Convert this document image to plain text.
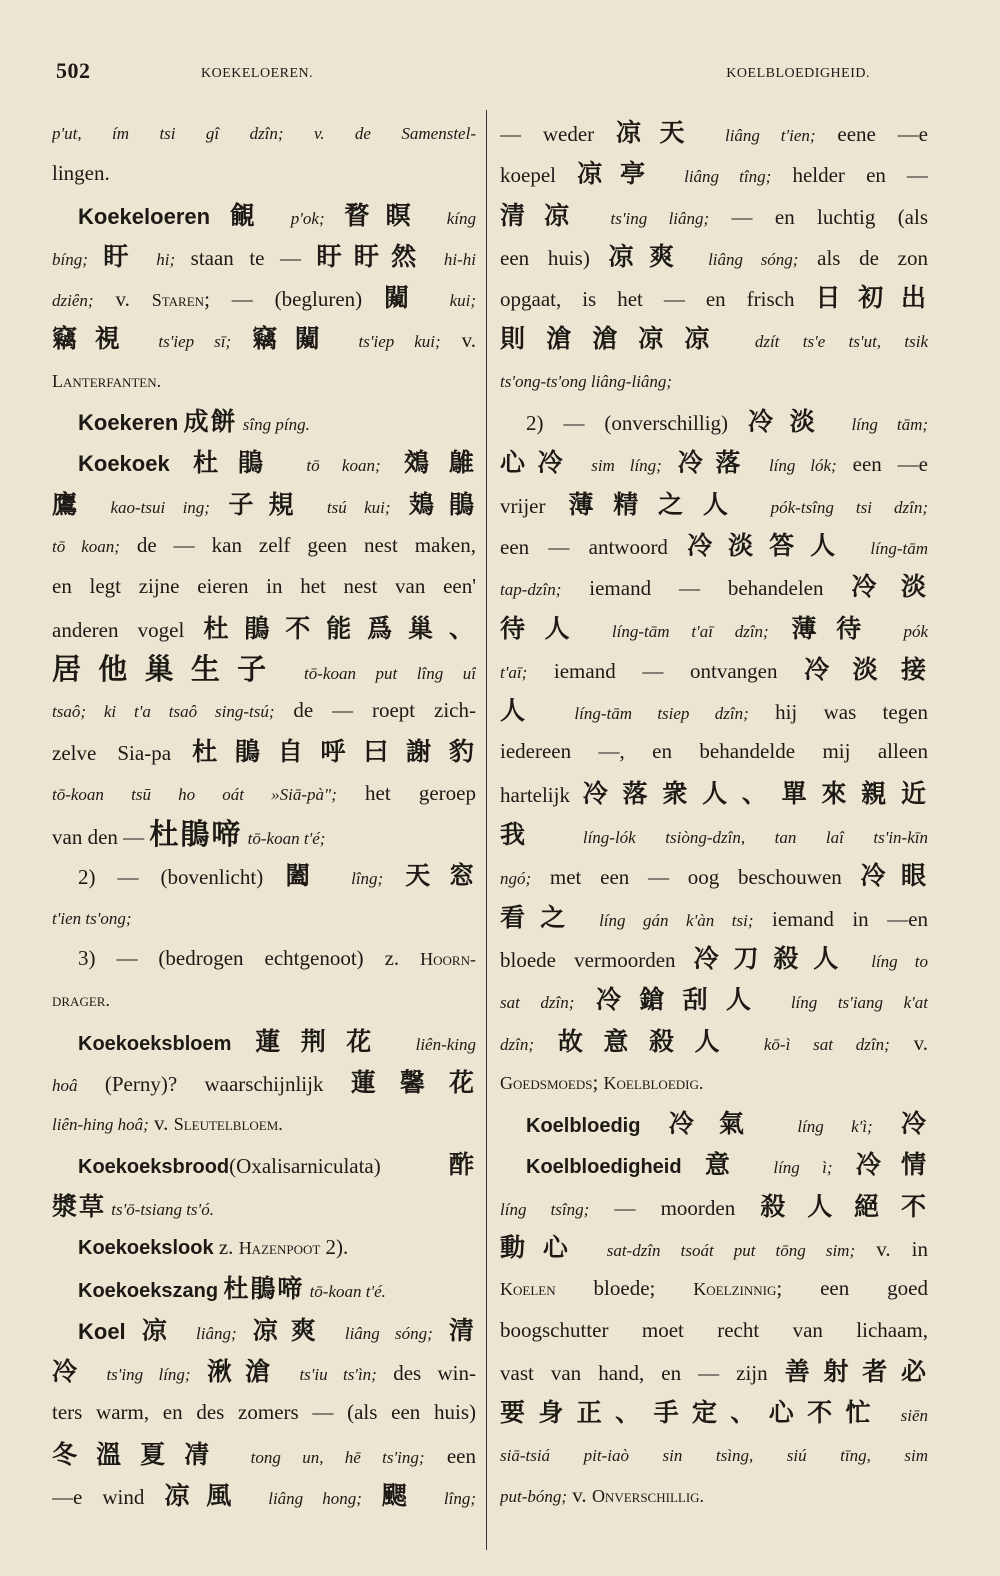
502	KOEKELOEREN.	KOELBLOEDIGHEID.
p'ut, ím tsi gî dzîn; v. de Samenstel-
lingen.
Koekeloeren 覦 p'ok; 瞀瞑 kíng
bíng; 盱 hi; staan te — 盱盱然 hi-hi
dziên; v. Staren; — (begluren) 闚 kui;
竊視 ts'iep sī; 竊闚 ts'iep kui; v.
Lanterfanten.
Koekeren 成餅 sîng píng.
Koekoek 杜鵑 tō koan; 鵁鵻
鷹 kao-tsui ing; 子規 tsú kui; 鳷鵑
tō koan; de — kan zelf geen nest maken,
en legt zijne eieren in het nest van een'
anderen vogel 杜鵑不能爲巢、
居他巢生子 tō-koan put lîng uî
tsaô; ki t'a tsaô sing-tsú; de — roept zich-
zelve Sia-pa 杜鵑自呼曰謝豹
tō-koan tsū ho oát »Siā-pà"; het geroep
van den — 杜鵑啼 tō-koan t'é;
2) — (bovenlicht) 闔 lîng; 天窓
t'ien ts'ong;
3) — (bedrogen echtgenoot) z. Hoorn-
drager.
Koekoeksbloem 蓮荆花 liên-king
hoâ (Perny)? waarschijnlijk 蓮馨花
liên-hing hoâ; v. Sleutelbloem.
Koekoeksbrood(Oxalisarniculata)酢
漿草 ts'ō-tsiang ts'ó.
Koekoekslook z. Hazenpoot 2).
Koekoekszang 杜鵑啼 tō-koan t'é.
Koel 凉 liâng; 凉爽 liâng sóng; 清
冷 ts'ing líng; 湫滄 ts'iu ts'ìn; des win-
ters warm, en des zomers — (als een huis)
冬溫夏凊 tong un, hē ts'ing; een
—e wind 凉風 liâng hong; 颸 lîng;
— weder 凉天 liâng t'ien; eene —e
koepel 凉亭 liâng tîng; helder en —
清凉 ts'ing liâng; — en luchtig (als
een huis) 凉爽 liâng sóng; als de zon
opgaat, is het — en frisch 日初出
則滄滄凉凉 dzít ts'e ts'ut, tsik
ts'ong-ts'ong liâng-liâng;
2) — (onverschillig) 冷淡 líng tām;
心冷 sim líng; 冷落 líng lók; een —e
vrijer 薄精之人 pók-tsîng tsi dzîn;
een — antwoord 冷淡答人 líng-tām
tap-dzîn; iemand — behandelen 冷淡
待人 líng-tām t'aī dzîn; 薄待 pók
t'aī; iemand — ontvangen 冷淡接
人 líng-tām tsiep dzîn; hij was tegen
iedereen —, en behandelde mij alleen
hartelijk冷落衆人、單來親近
我 líng-lók tsiòng-dzîn, tan laî ts'in-kīn
ngó; met een — oog beschouwen 冷眼
看之 líng gán k'àn tsi; iemand in —en
bloede vermoorden 冷刀殺人 líng to
sat dzîn; 冷鎗刮人 líng ts'iang k'at
dzîn; 故意殺人 kō-ì sat dzîn; v.
Goedsmoeds; Koelbloedig.
Koelbloedig 冷氣 líng k'ì; 冷
Koelbloedigheid 意 líng ì; 冷情
líng tsîng; — moorden 殺人絕不
動心 sat-dzîn tsoát put tōng sim; v. in
Koelen bloede; Koelzinnig; een goed
boogschutter moet recht van lichaam,
vast van hand, en — zijn 善射者必
要身正、手定、心不忙 siēn
siā-tsiá pit-iaò sin tsìng, siú tīng, sim
put-bóng; v. Onverschillig.
